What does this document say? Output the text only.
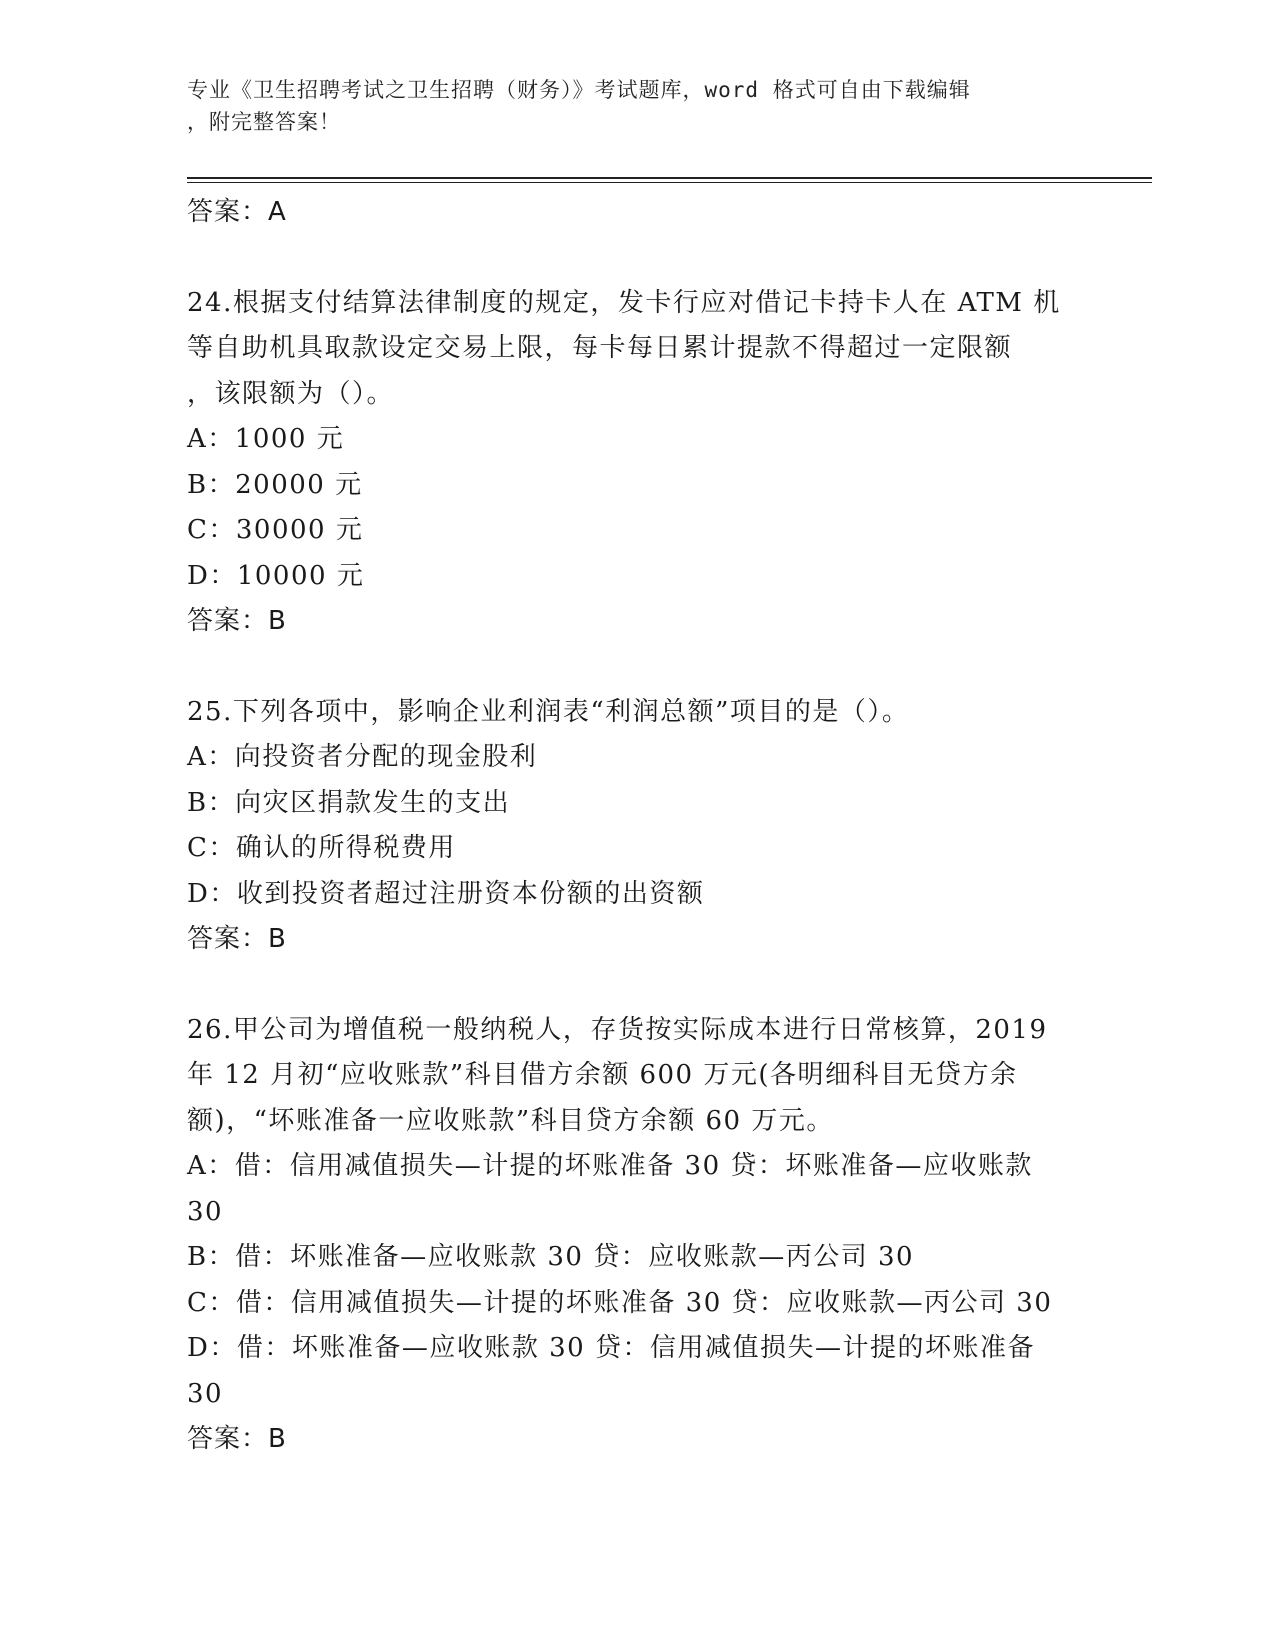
专业《卫生招聘考试之卫生招聘（财务）》考试题库，word 格式可自由下载编辑
，附完整答案！
答案：A
24.根据支付结算法律制度的规定，发卡行应对借记卡持卡人在 ATM 机
等自助机具取款设定交易上限，每卡每日累计提款不得超过一定限额
，该限额为（）。
A：1000 元
B：20000 元
C：30000 元
D：10000 元
答案：B
25.下列各项中，影响企业利润表“利润总额”项目的是（）。
A：向投资者分配的现金股利
B：向灾区捐款发生的支出
C：确认的所得税费用
D：收到投资者超过注册资本份额的出资额
答案：B
26.甲公司为增值税一般纳税人，存货按实际成本进行日常核算，2019
年 12 月初“应收账款”科目借方余额 600 万元(各明细科目无贷方余
额)，“坏账准备一应收账款”科目贷方余额 60 万元。
A：借：信用减值损失—计提的坏账准备 30 贷：坏账准备—应收账款
30
B：借：坏账准备—应收账款 30 贷：应收账款—丙公司 30
C：借：信用减值损失—计提的坏账准备 30 贷：应收账款—丙公司 30
D：借：坏账准备—应收账款 30 贷：信用减值损失—计提的坏账准备
30
答案：B
